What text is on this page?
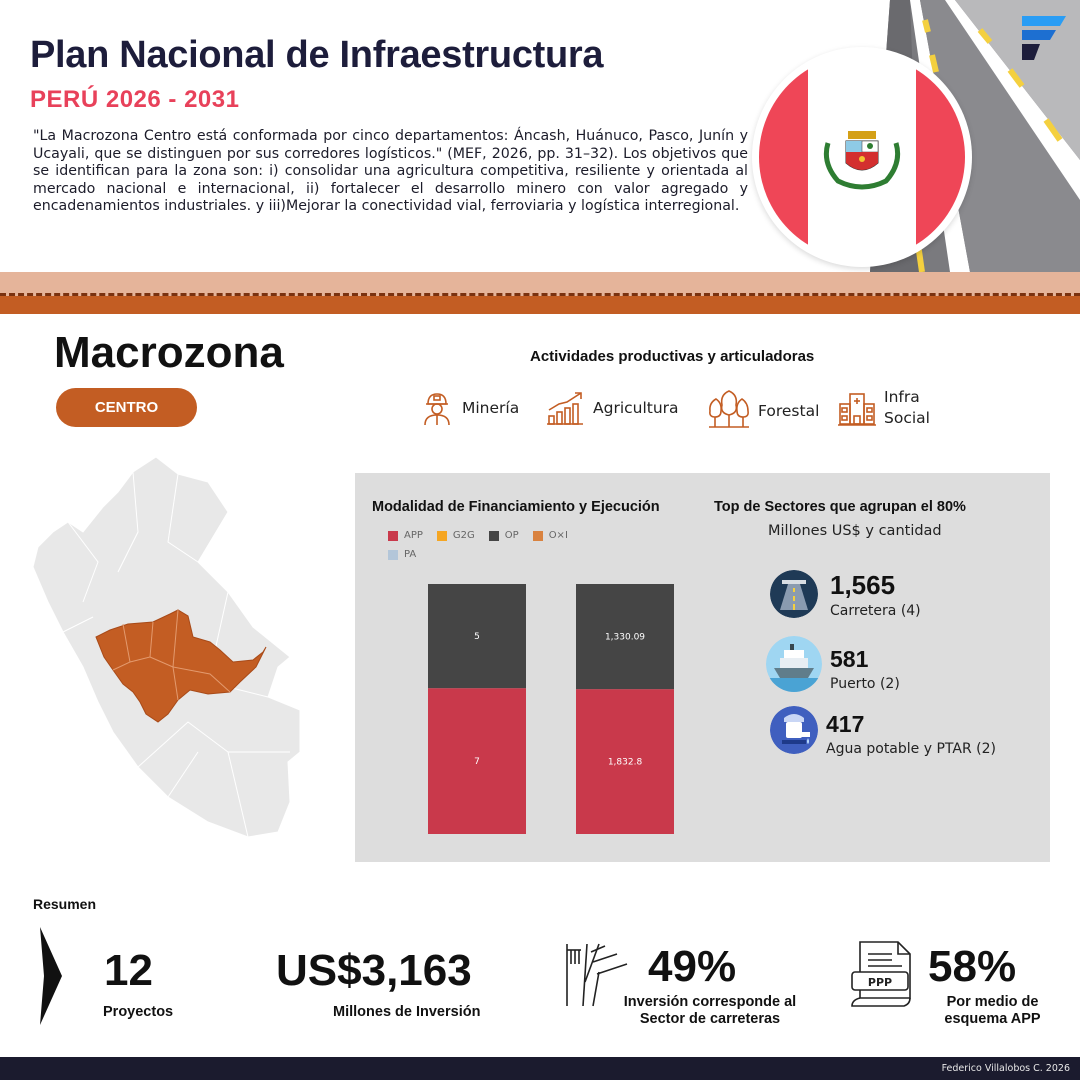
Plan Nacional de Infraestructura
PERÚ 2026 - 2031
"La Macrozona Centro está conformada por cinco departamentos: Áncash, Huánuco, Pasco, Junín y Ucayali, que se distinguen por sus corredores logísticos." (MEF, 2026, pp. 31–32). Los objetivos que se identifican para la zona son: i) consolidar una agricultura competitiva, resiliente y orientada al mercado nacional e internacional, ii) fortalecer el desarrollo minero con valor agregado y encadenamientos industriales. y iii)Mejorar la conectividad vial, ferroviaria y logística interregional.
Macrozona
CENTRO
Actividades productivas y articuladoras
Minería	Agricultura	Forestal
Infra
Social
Modalidad de Financiamiento y Ejecución
APP	G2G	OP	O×I
PA
7
5
1,832.8
1,330.09
Top de Sectores que agrupan el 80%
Millones US$ y cantidad
1,565
Carretera (4)
581
Puerto (2)
417
Agua potable y PTAR (2)
Resumen
12
Proyectos
US$3,163
Millones de Inversión
49%
Inversión corresponde al
Sector de carreteras
PPP 58%
Por medio de
esquema APP
Federico Villalobos C. 2026
